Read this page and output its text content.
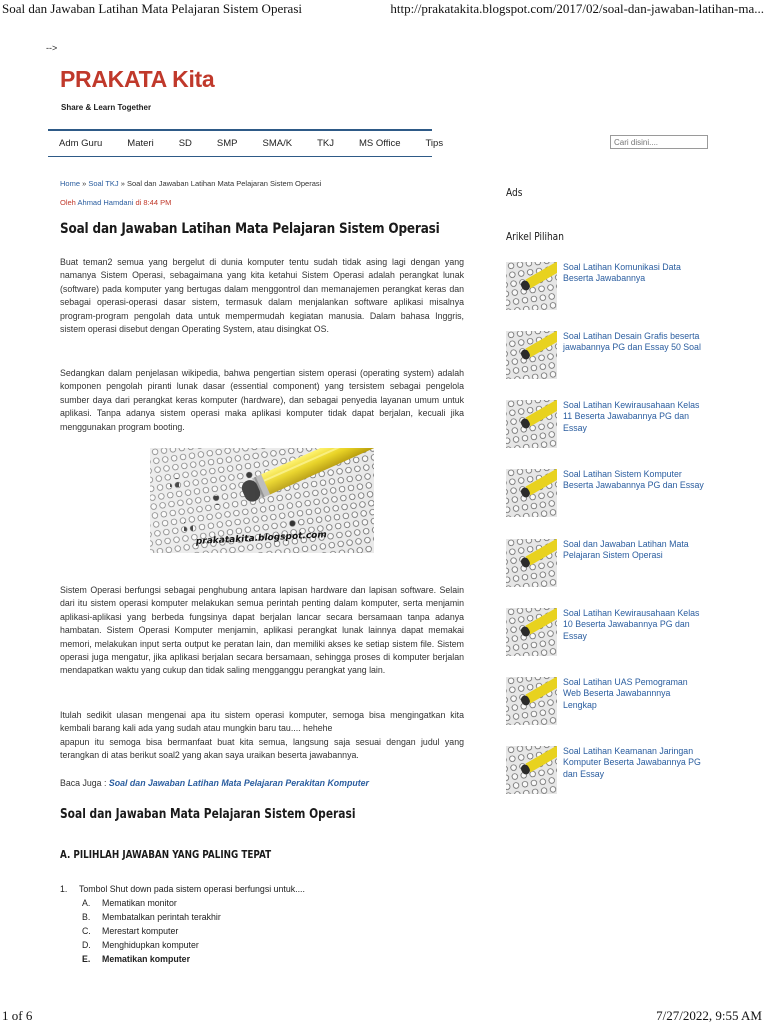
Soal dan Jawaban Latihan Mata Pelajaran Sistem Operasi	http://prakatakita.blogspot.com/2017/02/soal-dan-jawaban-latihan-ma...
-->
PRAKATA Kita
Share & Learn Together
Adm Guru	Materi	SD	SMP	SMA/K	TKJ	MS Office	Tips
Cari disini....
Home » Soal TKJ » Soal dan Jawaban Latihan Mata Pelajaran Sistem Operasi
Oleh Ahmad Hamdani di 8:44 PM
Soal dan Jawaban Latihan Mata Pelajaran Sistem Operasi

Buat teman2 semua yang bergelut di dunia komputer tentu sudah tidak asing lagi dengan yang namanya Sistem Operasi, sebagaimana yang kita ketahui Sistem Operasi adalah perangkat lunak (software) pada komputer yang bertugas dalam menggontrol dan memanajemen perangkat keras dan sebagai operasi-operasi dasar sistem, termasuk dalam menjalankan software aplikasi misalnya program-program pengolah data untuk mempermudah kegiatan manusia. Dalam bahasa Inggris, sistem operasi disebut dengan Operating System, atau disingkat OS.

Sedangkan dalam penjelasan wikipedia, bahwa pengertian sistem operasi (operating system) adalah komponen pengolah piranti lunak dasar (essential component) yang tersistem sebagai pengelola sumber daya dari perangkat keras komputer (hardware), dan sebagai penyedia layanan umum untuk aplikasi. Tanpa adanya sistem operasi maka aplikasi komputer tidak dapat berjalan, kecuali jika menggunakan program booting.

prakatakita.blogspot.com

Sistem Operasi berfungsi sebagai penghubung antara lapisan hardware dan lapisan software. Selain dari itu sistem operasi komputer melakukan semua perintah penting dalam komputer, serta menjamin aplikasi-aplikasi yang berbeda fungsinya dapat berjalan lancar secara bersamaan tanpa adanya hambatan. Sistem Operasi Komputer menjamin, aplikasi perangkat lunak lainnya dapat memakai memori, melakukan input serta output ke peratan lain, dan memiliki akses ke setiap sistem file. Sistem operasi juga mengatur, jika aplikasi berjalan secara bersamaan, sehingga proses di komputer berjalan mendapatkan waktu yang cukup dan tidak saling mengganggu perangkat yang lain.

Itulah sedikit ulasan mengenai apa itu sistem operasi komputer, semoga bisa mengingatkan kita kembali barang kali ada yang sudah atau mungkin baru tau.... hehehe
apapun itu semoga bisa bermanfaat buat kita semua, langsung saja sesuai dengan judul yang terangkan di atas berikut soal2 yang akan saya uraikan beserta jawabannya.
Baca Juga : Soal dan Jawaban Latihan Mata Pelajaran Perakitan Komputer
Soal dan Jawaban Mata Pelajaran Sistem Operasi
A. PILIHLAH JAWABAN YANG PALING TEPAT
1.	Tombol Shut down pada sistem operasi berfungsi untuk....
A. Mematikan monitor
B. Membatalkan perintah terakhir
C. Merestart komputer
D. Menghidupkan komputer
E. Mematikan komputer
Ads
Arikel Pilihan
Soal Latihan Komunikasi Data Beserta Jawabannya
Soal Latihan Desain Grafis beserta jawabannya PG dan Essay 50 Soal
Soal Latihan Kewirausahaan Kelas 11 Beserta Jawabannya PG dan Essay
Soal Latihan Sistem Komputer Beserta Jawabannya PG dan Essay
Soal dan Jawaban Latihan Mata Pelajaran Sistem Operasi
Soal Latihan Kewirausahaan Kelas 10 Beserta Jawabannya PG dan Essay
Soal Latihan UAS Pemograman Web Beserta Jawabannnya Lengkap
Soal Latihan Keamanan Jaringan Komputer Beserta Jawabannya PG dan Essay
1 of 6	7/27/2022, 9:55 AM
